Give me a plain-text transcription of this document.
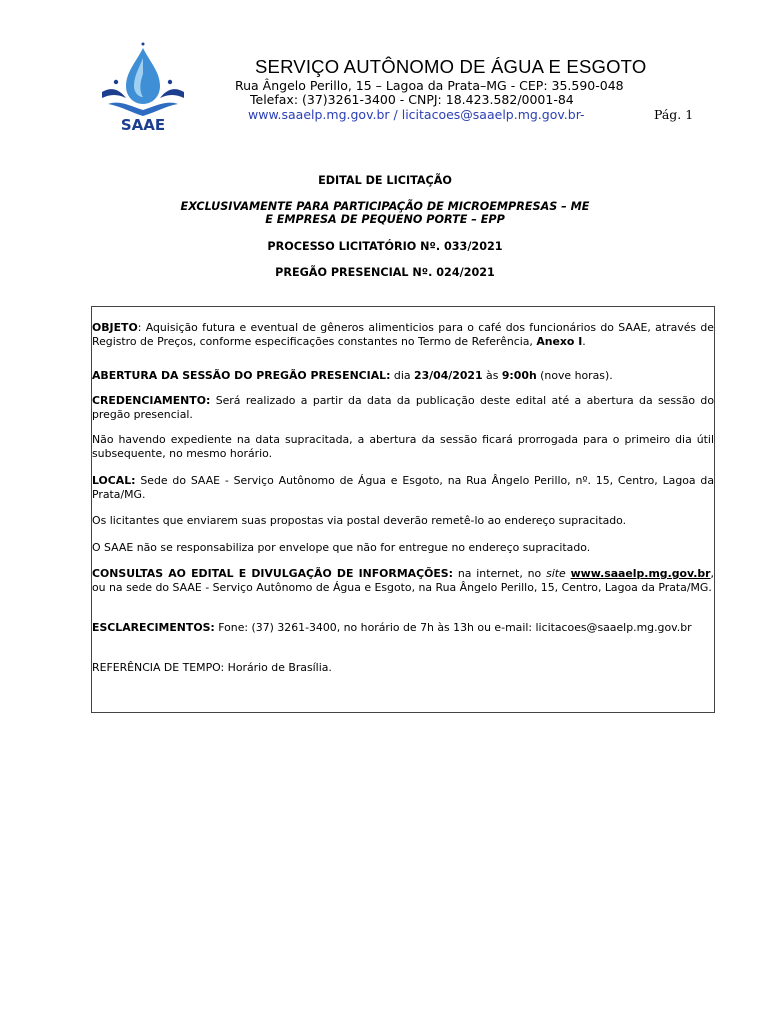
SAAE
SERVIÇO AUTÔNOMO DE ÁGUA E ESGOTO
Rua Ângelo Perillo, 15 – Lagoa da Prata–MG - CEP: 35.590-048
Telefax: (37)3261-3400 - CNPJ: 18.423.582/0001-84
www.saaelp.mg.gov.br / licitacoes@saaelp.mg.gov.br-	Pág. 1
EDITAL DE LICITAÇÃO
EXCLUSIVAMENTE PARA PARTICIPAÇÃO DE MICROEMPRESAS – ME
E EMPRESA DE PEQUENO PORTE – EPP
PROCESSO LICITATÓRIO Nº. 033/2021
PREGÃO PRESENCIAL Nº. 024/2021
OBJETO: Aquisição futura e eventual de gêneros alimenticios para o café dos funcionários do SAAE, através de Registro de Preços, conforme especificações constantes no Termo de Referência, Anexo I.
ABERTURA DA SESSÃO DO PREGÃO PRESENCIAL: dia 23/04/2021 às 9:00h (nove horas).
CREDENCIAMENTO: Será realizado a partir da data da publicação deste edital até a abertura da sessão do pregão presencial.
Não havendo expediente na data supracitada, a abertura da sessão ficará prorrogada para o primeiro dia útil subsequente, no mesmo horário.
LOCAL: Sede do SAAE - Serviço Autônomo de Água e Esgoto, na Rua Ângelo Perillo, nº. 15, Centro, Lagoa da Prata/MG.
Os licitantes que enviarem suas propostas via postal deverão remetê-lo ao endereço supracitado.
O SAAE não se responsabiliza por envelope que não for entregue no endereço supracitado.
CONSULTAS AO EDITAL E DIVULGAÇÃO DE INFORMAÇÕES: na internet, no site www.saaelp.mg.gov.br, ou na sede do SAAE - Serviço Autônomo de Água e Esgoto, na Rua Ângelo Perillo, 15, Centro, Lagoa da Prata/MG.
ESCLARECIMENTOS: Fone: (37) 3261-3400, no horário de 7h às 13h ou e-mail: licitacoes@saaelp.mg.gov.br
REFERÊNCIA DE TEMPO: Horário de Brasília.
